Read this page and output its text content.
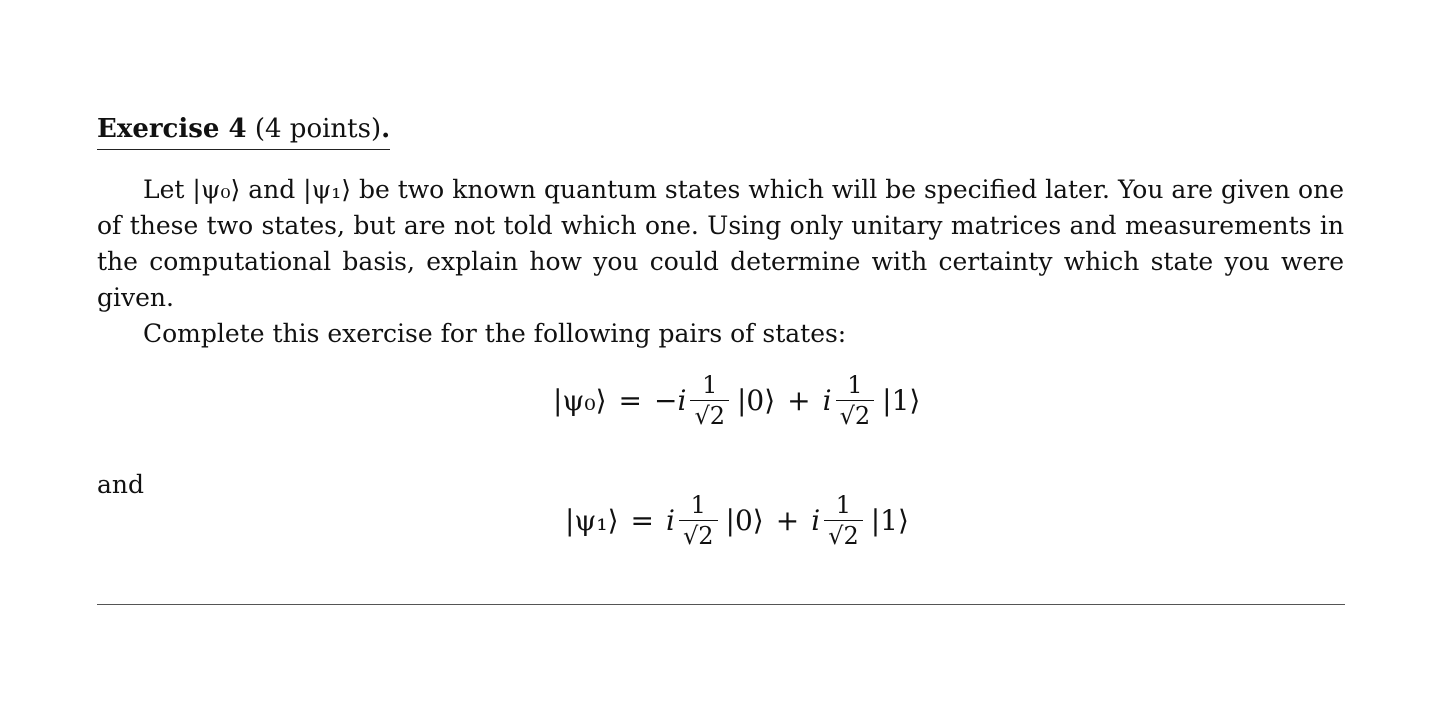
Exercise 4 (4 points).

Let |ψ₀⟩ and |ψ₁⟩ be two known quantum states which will be specified later. You are given one of these two states, but are not told which one. Using only unitary matrices and measurements in the computational basis, explain how you could determine with certainty which state you were given.

Complete this exercise for the following pairs of states:

|ψ₀⟩ = $-i \frac{1}{√2}$ |0⟩ + i $\frac{1}{√2}$ |1⟩
and
|ψ₁⟩ = i $\frac{1}{√2}$ |0⟩ + i $\frac{1}{√2}$ |1⟩
